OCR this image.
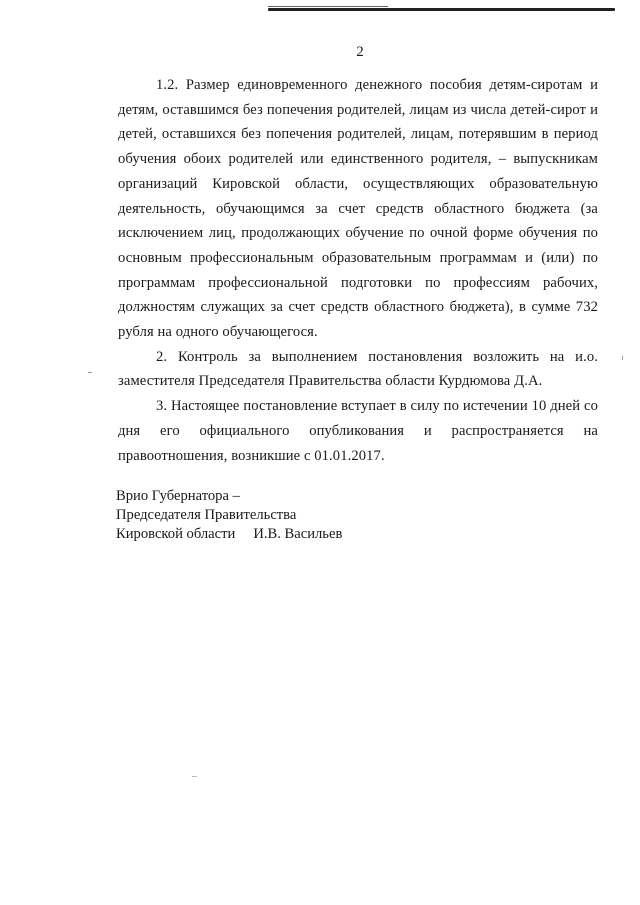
2

1.2. Размер единовременного денежного пособия детям-сиротам и детям, оставшимся без попечения родителей, лицам из числа детей-сирот и детей, оставшихся без попечения родителей, лицам, потерявшим в период обучения обоих родителей или единственного родителя, – выпускникам организаций Кировской области, осуществляющих образовательную деятельность, обучающимся за счет средств областного бюджета (за исключением лиц, продолжающих обучение по очной форме обучения по основным профессиональным образовательным программам и (или) по программам профессиональной подготовки по профессиям рабочих, должностям служащих за счет средств областного бюджета), в сумме 732 рубля на одного обучающегося.

2. Контроль за выполнением постановления возложить на и.о. заместителя Председателя Правительства области Курдюмова Д.А.

3. Настоящее постановление вступает в силу по истечении 10 дней со дня его официального опубликования и распространяется на правоотношения, возникшие с 01.01.2017.

Врио Губернатора –
Председателя Правительства
Кировской области И.В. Васильев
